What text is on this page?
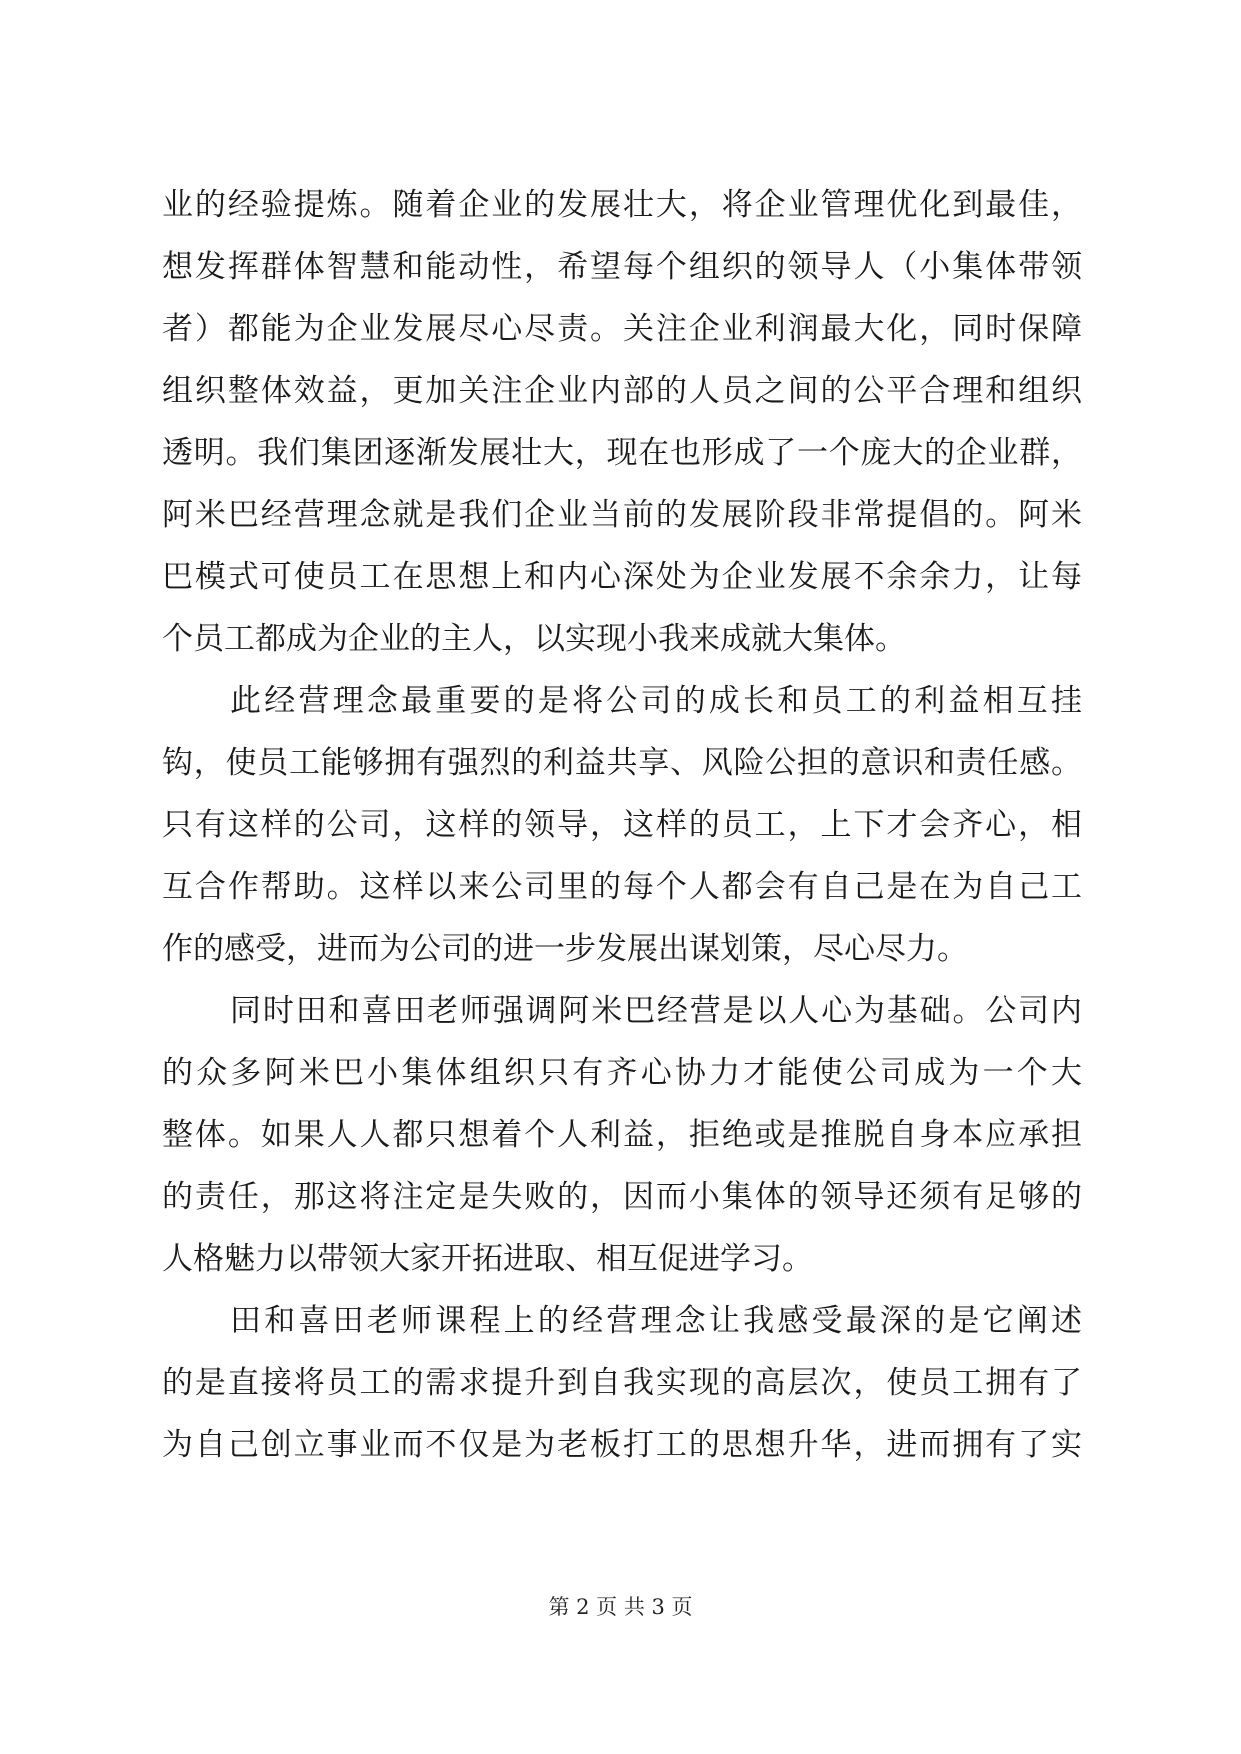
业的经验提炼。随着企业的发展壮大，将企业管理优化到最佳，
想发挥群体智慧和能动性，希望每个组织的领导人（小集体带领
者）都能为企业发展尽心尽责。关注企业利润最大化，同时保障
组织整体效益，更加关注企业内部的人员之间的公平合理和组织
透明。我们集团逐渐发展壮大，现在也形成了一个庞大的企业群，
阿米巴经营理念就是我们企业当前的发展阶段非常提倡的。阿米
巴模式可使员工在思想上和内心深处为企业发展不余余力，让每
个员工都成为企业的主人，以实现小我来成就大集体。
此经营理念最重要的是将公司的成长和员工的利益相互挂
钩，使员工能够拥有强烈的利益共享、风险公担的意识和责任感。
只有这样的公司，这样的领导，这样的员工，上下才会齐心，相
互合作帮助。这样以来公司里的每个人都会有自己是在为自己工
作的感受，进而为公司的进一步发展出谋划策，尽心尽力。
同时田和喜田老师强调阿米巴经营是以人心为基础。公司内
的众多阿米巴小集体组织只有齐心协力才能使公司成为一个大
整体。如果人人都只想着个人利益，拒绝或是推脱自身本应承担
的责任，那这将注定是失败的，因而小集体的领导还须有足够的
人格魅力以带领大家开拓进取、相互促进学习。
田和喜田老师课程上的经营理念让我感受最深的是它阐述
的是直接将员工的需求提升到自我实现的高层次，使员工拥有了
为自己创立事业而不仅是为老板打工的思想升华，进而拥有了实
第 2 页 共 3 页
